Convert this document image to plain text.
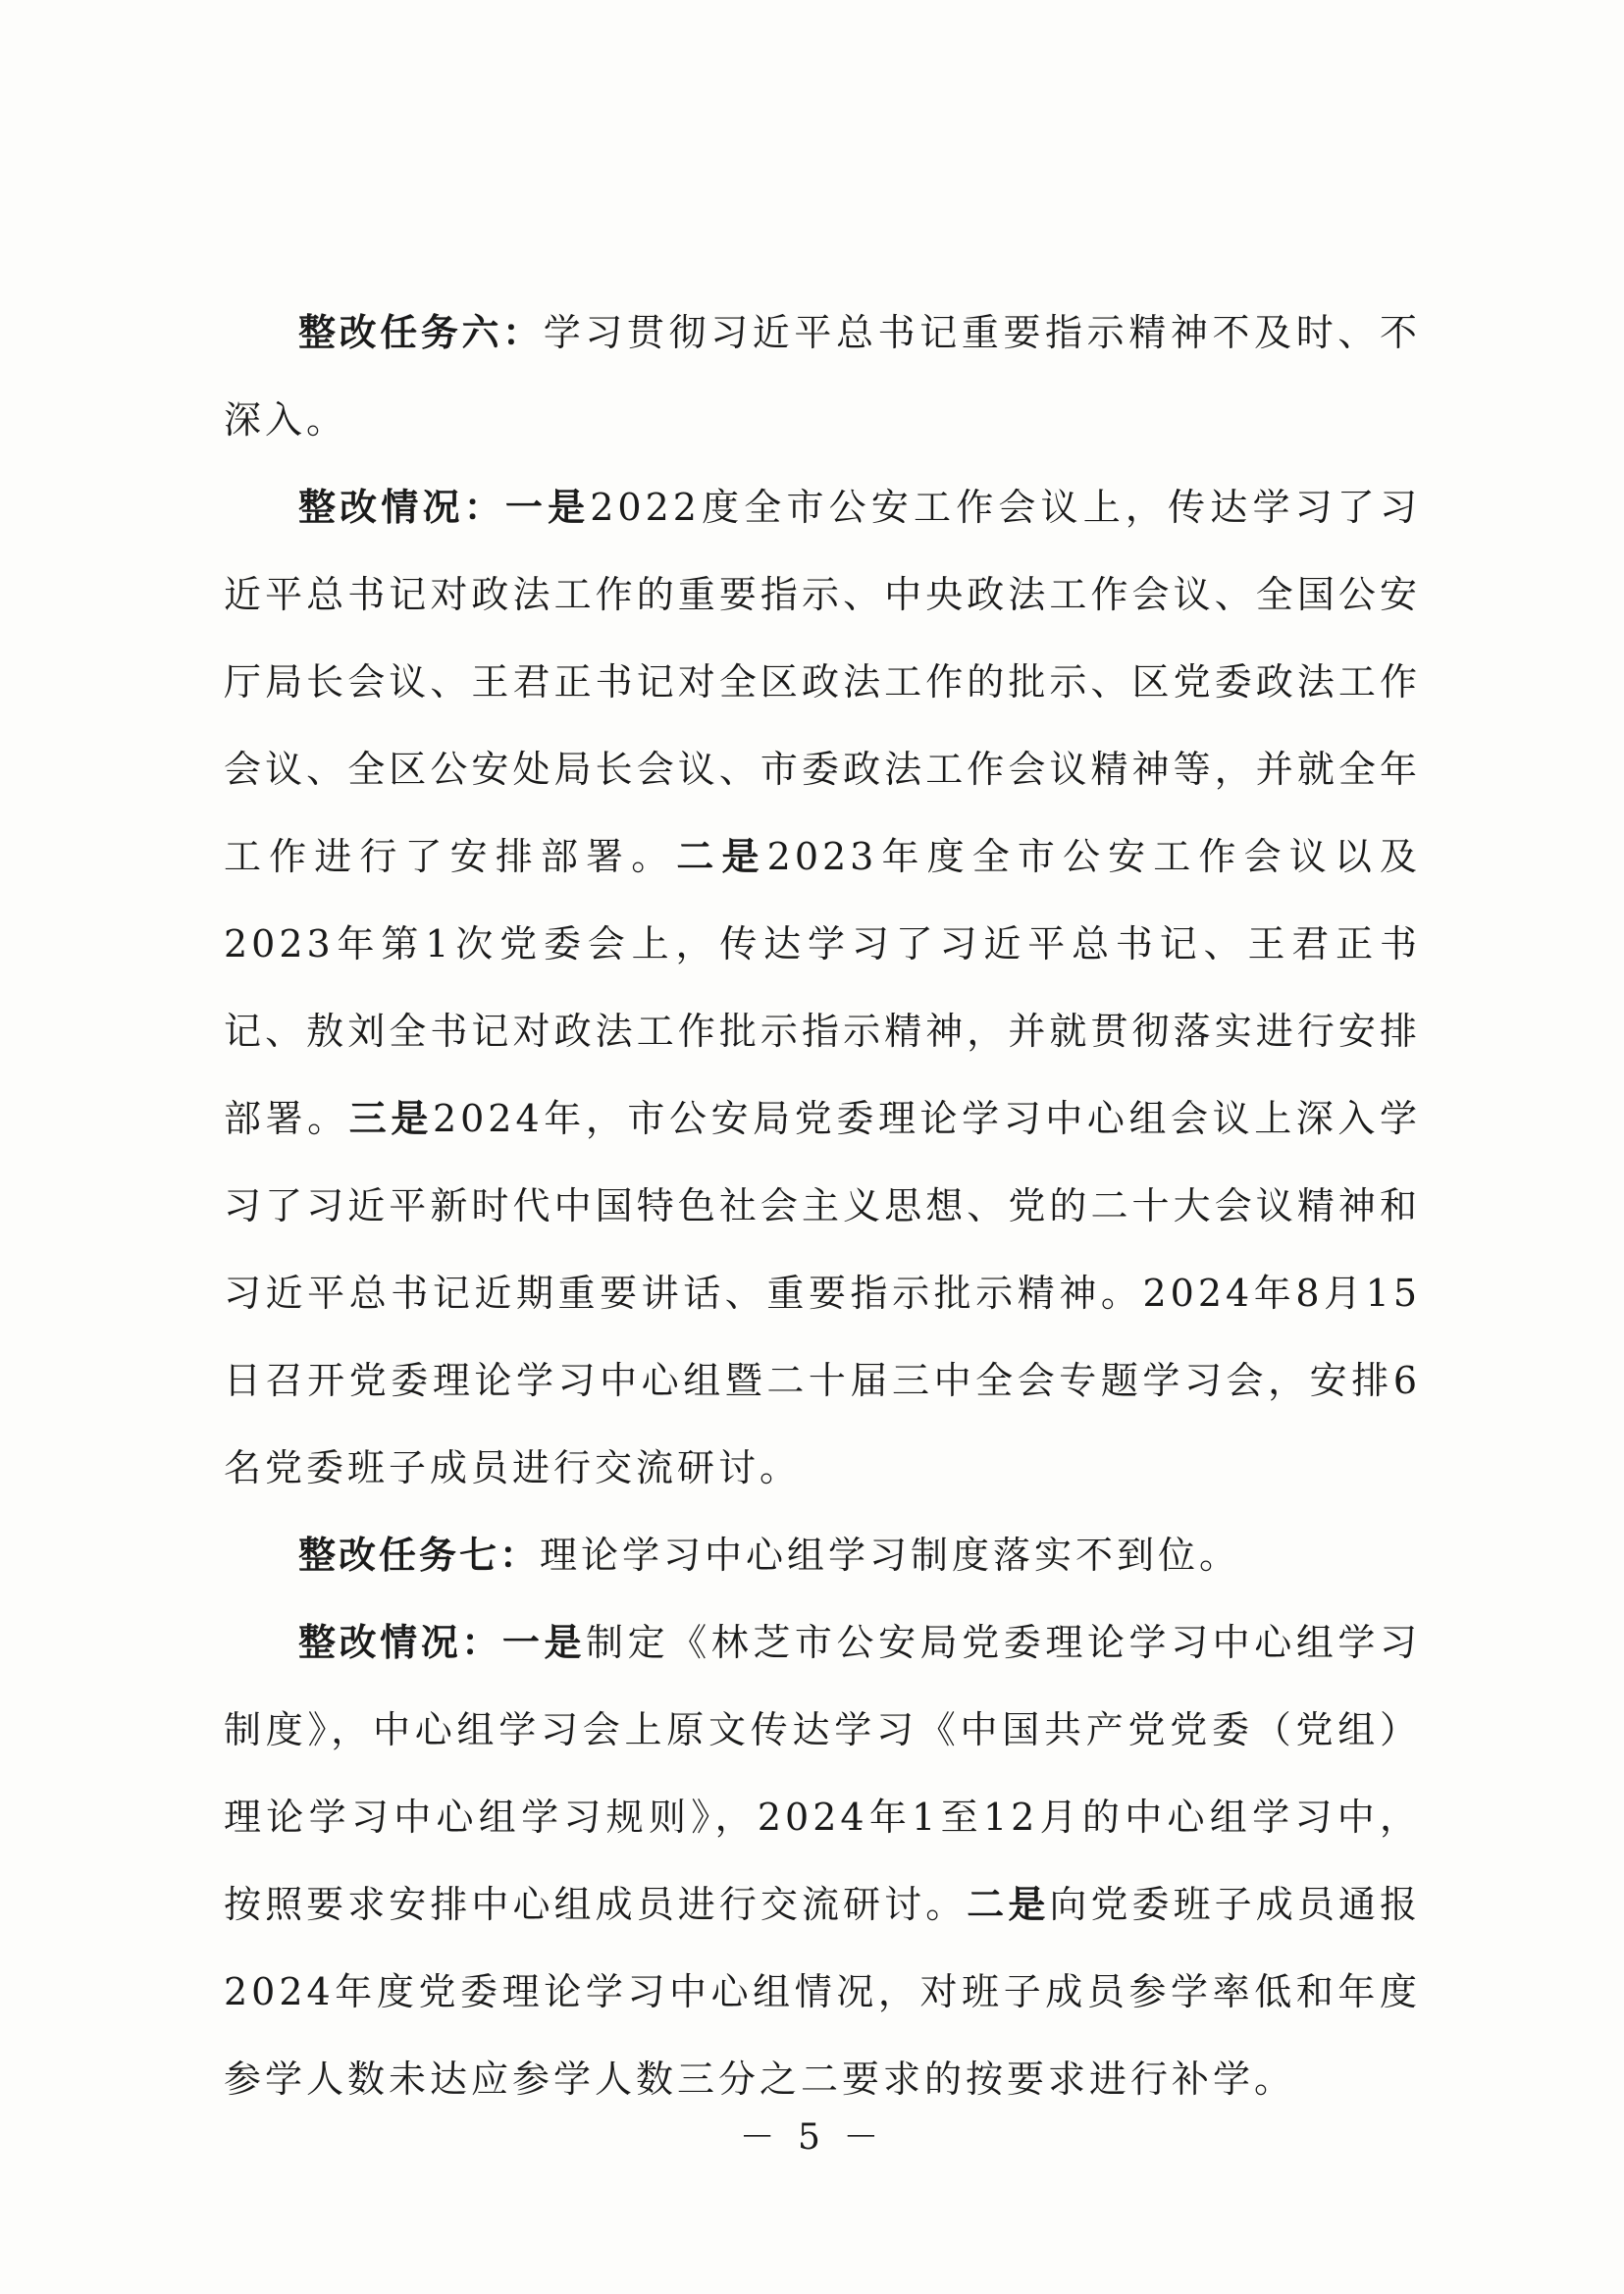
整改任务六：学习贯彻习近平总书记重要指示精神不及时、不深入。

整改情况：一是2022度全市公安工作会议上，传达学习了习近平总书记对政法工作的重要指示、中央政法工作会议、全国公安厅局长会议、王君正书记对全区政法工作的批示、区党委政法工作会议、全区公安处局长会议、市委政法工作会议精神等，并就全年工作进行了安排部署。二是2023年度全市公安工作会议以及2023年第1次党委会上，传达学习了习近平总书记、王君正书记、敖刘全书记对政法工作批示指示精神，并就贯彻落实进行安排部署。三是2024年，市公安局党委理论学习中心组会议上深入学习了习近平新时代中国特色社会主义思想、党的二十大会议精神和习近平总书记近期重要讲话、重要指示批示精神。2024年8月15日召开党委理论学习中心组暨二十届三中全会专题学习会，安排6名党委班子成员进行交流研讨。

整改任务七：理论学习中心组学习制度落实不到位。

整改情况：一是制定《林芝市公安局党委理论学习中心组学习制度》，中心组学习会上原文传达学习《中国共产党党委（党组）理论学习中心组学习规则》，2024年1至12月的中心组学习中，按照要求安排中心组成员进行交流研讨。二是向党委班子成员通报2024年度党委理论学习中心组情况，对班子成员参学率低和年度参学人数未达应参学人数三分之二要求的按要求进行补学。

－ 5 －
